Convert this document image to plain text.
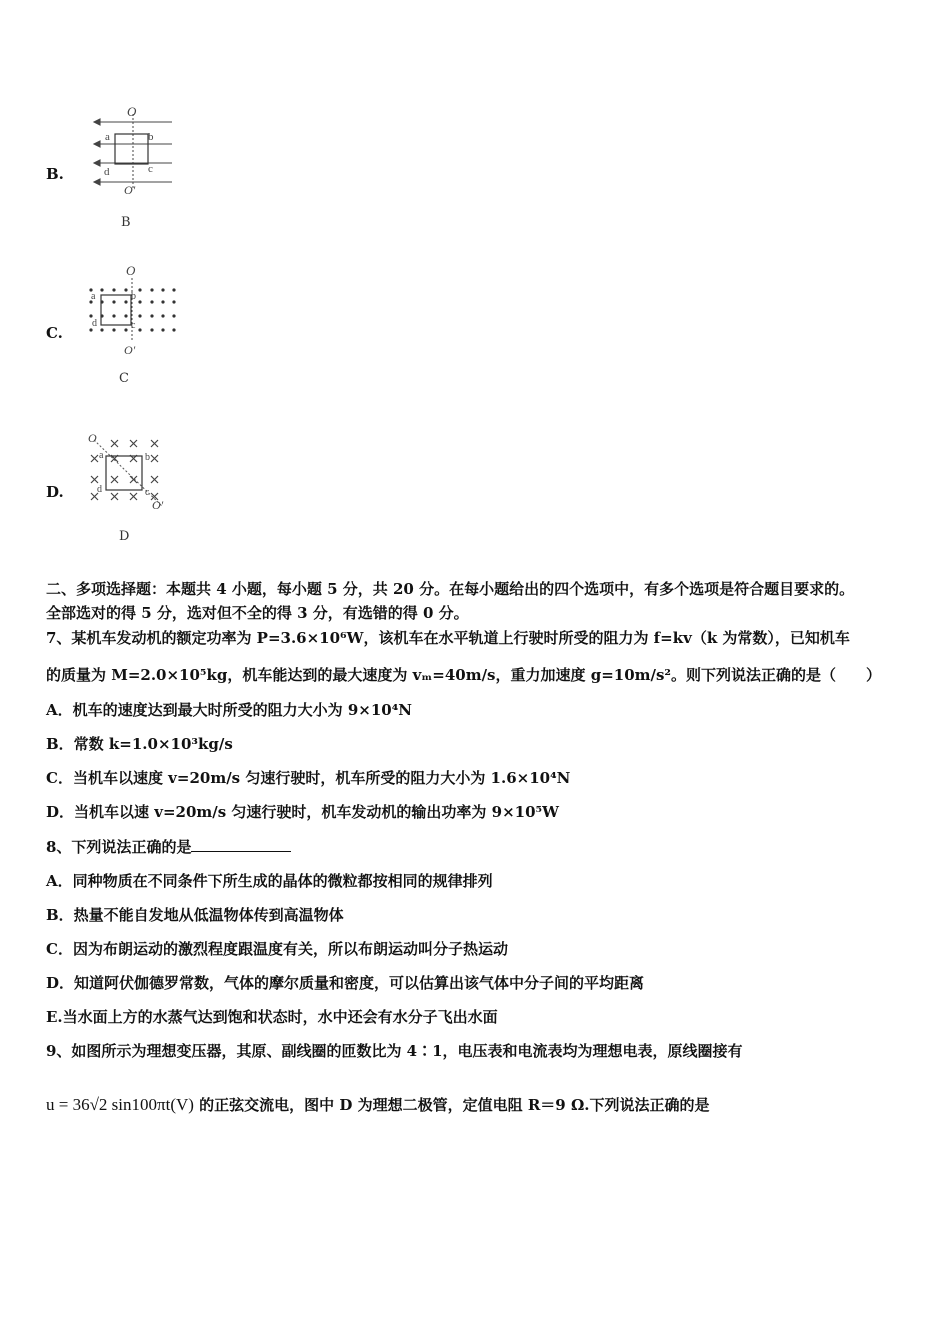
B.
O
O'
a	b
c
d
B
C.
O
O'
a	b
c
d
C
D.
O
O'
a	b
c
d
D
二、多项选择题：本题共 4 小题，每小题 5 分，共 20 分。在每小题给出的四个选项中，有多个选项是符合题目要求的。
全部选对的得 5 分，选对但不全的得 3 分，有选错的得 0 分。
7、某机车发动机的额定功率为 P=3.6×10⁶W，该机车在水平轨道上行驶时所受的阻力为 f=kv（k 为常数），已知机车
的质量为 M=2.0×10⁵kg，机车能达到的最大速度为 vₘ=40m/s，重力加速度 g=10m/s²。则下列说法正确的是（　　）
A．机车的速度达到最大时所受的阻力大小为 9×10⁴N
B．常数 k=1.0×10³kg/s
C．当机车以速度 v=20m/s 匀速行驶时，机车所受的阻力大小为 1.6×10⁴N
D．当机车以速 v=20m/s 匀速行驶时，机车发动机的输出功率为 9×10⁵W
8、下列说法正确的是
A．同种物质在不同条件下所生成的晶体的微粒都按相同的规律排列
B．热量不能自发地从低温物体传到高温物体
C．因为布朗运动的激烈程度跟温度有关，所以布朗运动叫分子热运动
D．知道阿伏伽德罗常数，气体的摩尔质量和密度，可以估算出该气体中分子间的平均距离
E.当水面上方的水蒸气达到饱和状态时，水中还会有水分子飞出水面
9、如图所示为理想变压器，其原、副线圈的匝数比为 4∶1，电压表和电流表均为理想电表，原线圈接有
u = 36√2 sin100πt(V) 的正弦交流电，图中 D 为理想二极管，定值电阻 R＝9 Ω.下列说法正确的是
